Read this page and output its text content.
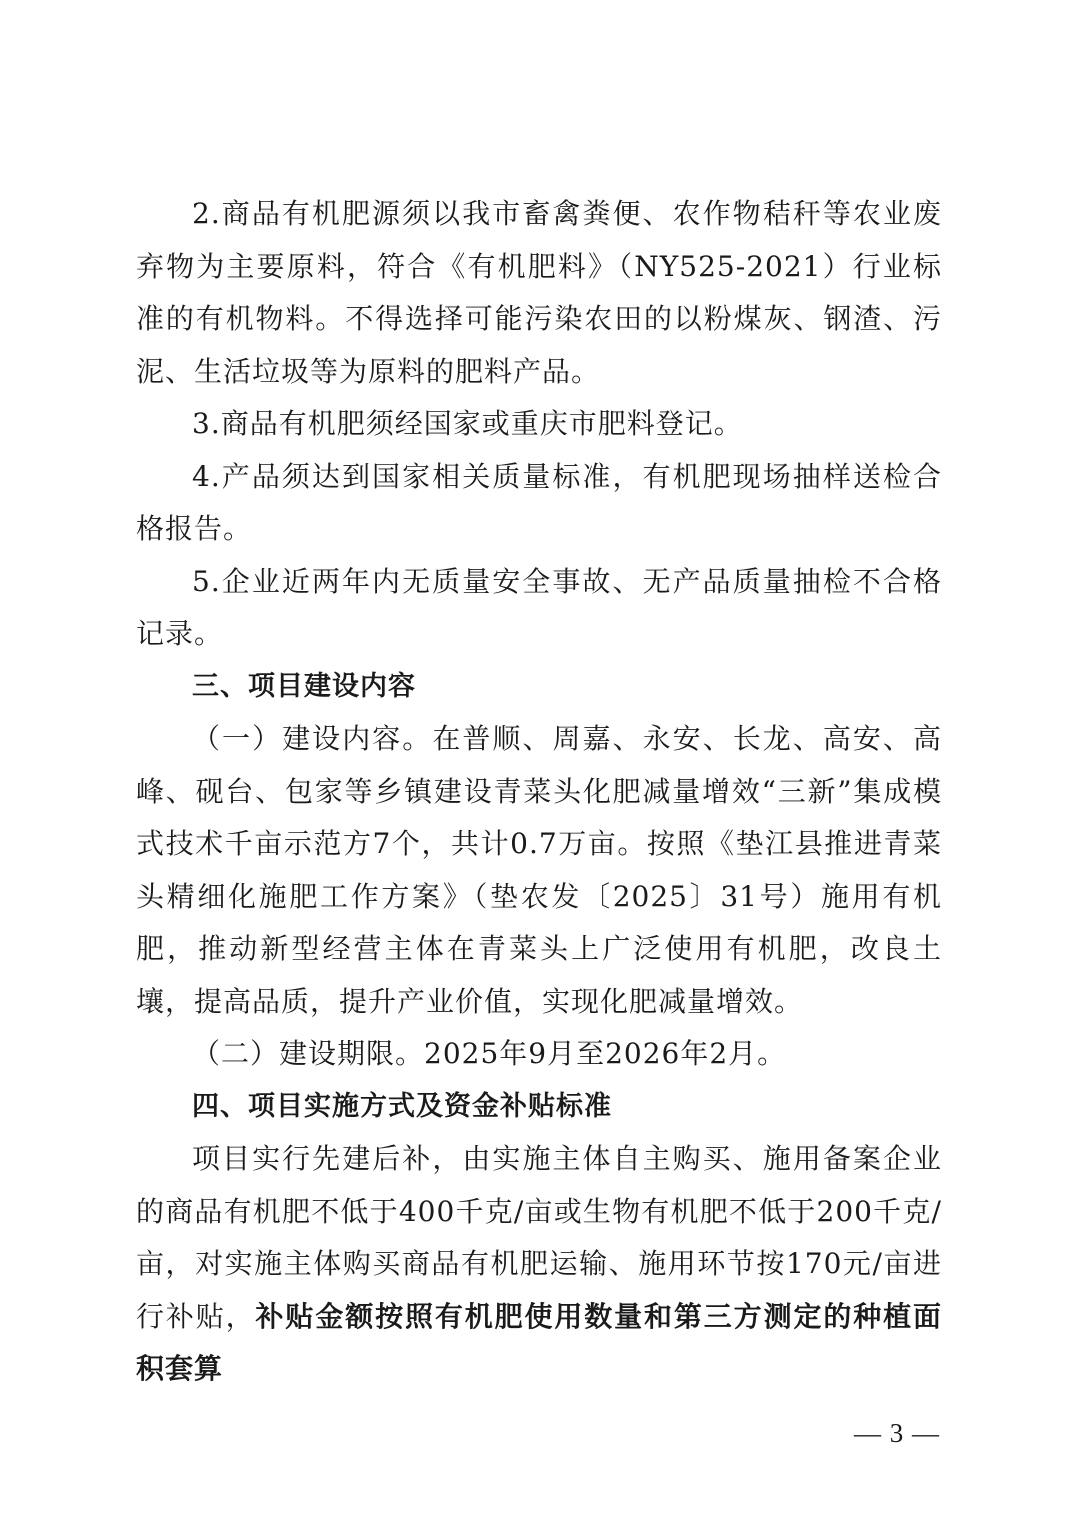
2.商品有机肥源须以我市畜禽粪便、农作物秸秆等农业废弃物为主要原料，符合《有机肥料》（NY525-2021）行业标准的有机物料。不得选择可能污染农田的以粉煤灰、钢渣、污泥、生活垃圾等为原料的肥料产品。

3.商品有机肥须经国家或重庆市肥料登记。

4.产品须达到国家相关质量标准，有机肥现场抽样送检合格报告。

5.企业近两年内无质量安全事故、无产品质量抽检不合格记录。

三、项目建设内容

（一）建设内容。在普顺、周嘉、永安、长龙、高安、高峰、砚台、包家等乡镇建设青菜头化肥减量增效“三新”集成模式技术千亩示范方7个，共计0.7万亩。按照《垫江县推进青菜头精细化施肥工作方案》（垫农发〔2025〕31号）施用有机肥，推动新型经营主体在青菜头上广泛使用有机肥，改良土壤，提高品质，提升产业价值，实现化肥减量增效。

（二）建设期限。2025年9月至2026年2月。

四、项目实施方式及资金补贴标准

项目实行先建后补，由实施主体自主购买、施用备案企业的商品有机肥不低于400千克/亩或生物有机肥不低于200千克/亩，对实施主体购买商品有机肥运输、施用环节按170元/亩进行补贴，补贴金额按照有机肥使用数量和第三方测定的种植面积套算

— 3 —
